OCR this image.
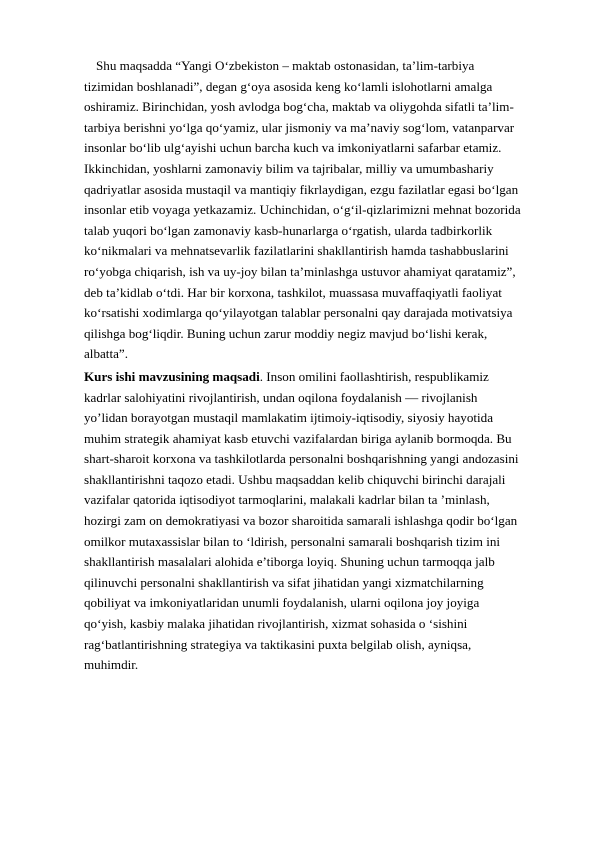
Shu maqsadda “Yangi O‘zbekiston – maktab ostonasidan, ta’lim-tarbiya
tizimidan boshlanadi”, degan g‘oya asosida keng ko‘lamli islohotlarni amalga
oshiramiz. Birinchidan, yosh avlodga bog‘cha, maktab va oliygohda sifatli ta’lim-
tarbiya berishni yo‘lga qo‘yamiz, ular jismoniy va ma’naviy sog‘lom, vatanparvar
insonlar bo‘lib ulg‘ayishi uchun barcha kuch va imkoniyatlarni safarbar etamiz.
Ikkinchidan, yoshlarni zamonaviy bilim va tajribalar, milliy va umumbashariy
qadriyatlar asosida mustaqil va mantiqiy fikrlaydigan, ezgu fazilatlar egasi bo‘lgan
insonlar etib voyaga yetkazamiz. Uchinchidan, o‘g‘il-qizlarimizni mehnat bozorida
talab yuqori bo‘lgan zamonaviy kasb-hunarlarga o‘rgatish, ularda tadbirkorlik
ko‘nikmalari va mehnatsevarlik fazilatlarini shakllantirish hamda tashabbuslarini
ro‘yobga chiqarish, ish va uy-joy bilan ta’minlashga ustuvor ahamiyat qaratamiz”,
deb ta’kidlab o‘tdi. Har bir korxona, tashkilot, muassasa muvaffaqiyatli faoliyat
ko‘rsatishi xodimlarga qo‘yilayotgan talablar personalni qay darajada motivatsiya
qilishga bog‘liqdir. Buning uchun zarur moddiy negiz mavjud bo‘lishi kerak,
albatta”.
Kurs ishi mavzusining maqsadi. Inson omilini faollashtirish, respublikamiz
kadrlar salohiyatini rivojlantirish, undan oqilona foydalanish — rivojlanish
yo’lidan borayotgan mustaqil mamlakatim ijtimoiy-iqtisodiy, siyosiy hayotida
muhim strategik ahamiyat kasb etuvchi vazifalardan biriga aylanib bormoqda. Bu
shart-sharoit korxona va tashkilotlarda personalni boshqarishning yangi andozasini
shakllantirishni taqozo etadi. Ushbu maqsaddan kelib chiquvchi birinchi darajali
vazifalar qatorida iqtisodiyot tarmoqlarini, malakali kadrlar bilan ta ’minlash,
hozirgi zam on demokratiyasi va bozor sharoitida samarali ishlashga qodir bo‘lgan
omilkor mutaxassislar bilan to ‘ldirish, personalni samarali boshqarish tizim ini
shakllantirish masalalari alohida e’tiborga loyiq. Shuning uchun tarmoqqa jalb
qilinuvchi personalni shakllantirish va sifat jihatidan yangi xizmatchilarning
qobiliyat va imkoniyatlaridan unumli foydalanish, ularni oqilona joy joyiga
qo‘yish, kasbiy malaka jihatidan rivojlantirish, xizmat sohasida o ‘sishini
rag‘batlantirishning strategiya va taktikasini puxta belgilab olish, ayniqsa,
muhimdir.
